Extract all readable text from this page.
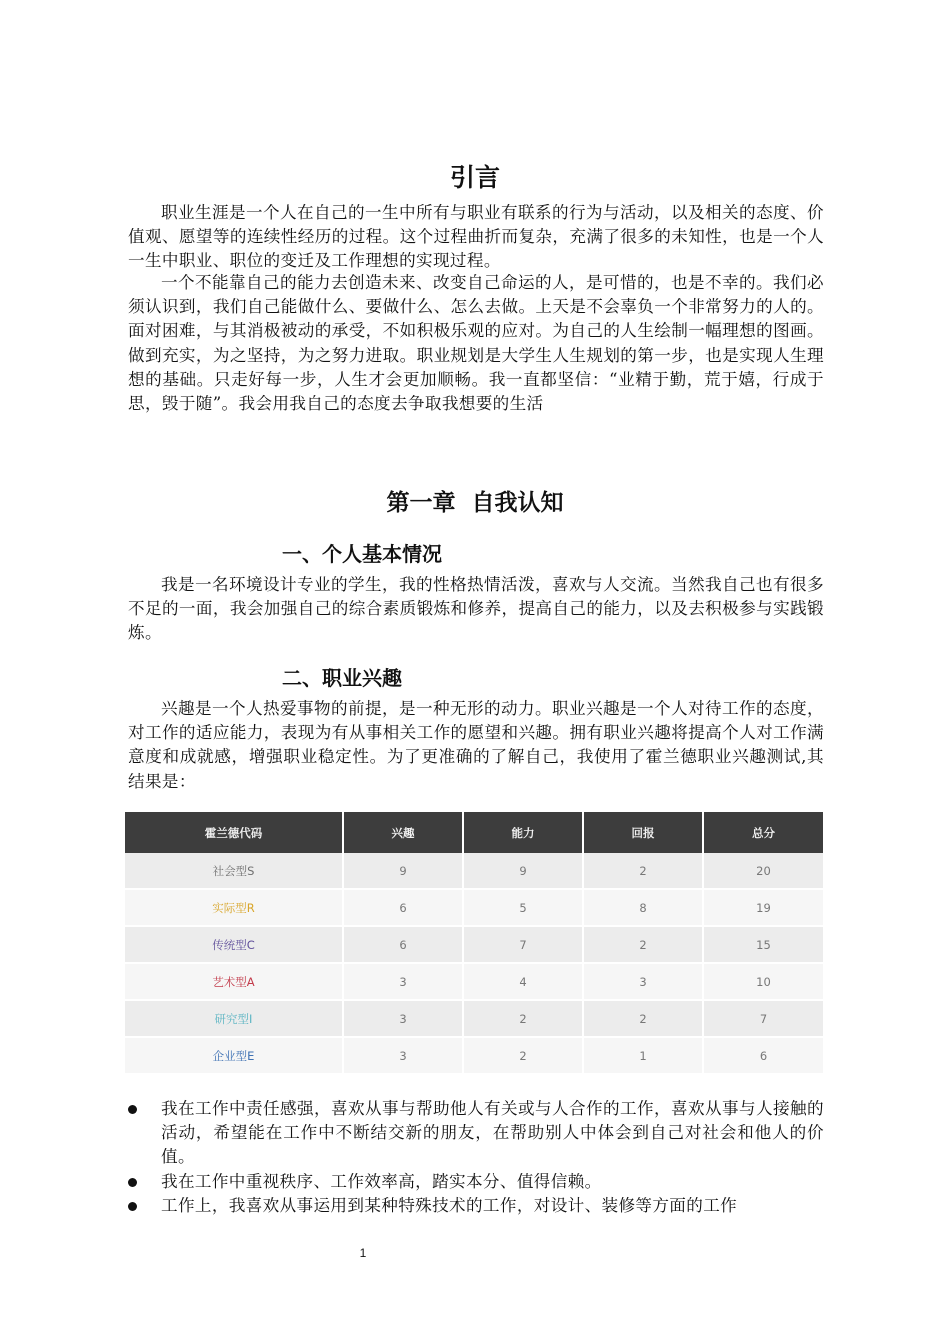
引言
职业生涯是一个人在自己的一生中所有与职业有联系的行为与活动，以及相关的态度、价值观、愿望等的连续性经历的过程。这个过程曲折而复杂，充满了很多的未知性，也是一个人一生中职业、职位的变迁及工作理想的实现过程。
一个不能靠自己的能力去创造未来、改变自己命运的人，是可惜的，也是不幸的。我们必须认识到，我们自己能做什么、要做什么、怎么去做。上天是不会辜负一个非常努力的人的。面对困难，与其消极被动的承受，不如积极乐观的应对。为自己的人生绘制一幅理想的图画。做到充实，为之坚持，为之努力进取。职业规划是大学生人生规划的第一步，也是实现人生理想的基础。只走好每一步，人生才会更加顺畅。我一直都坚信：“业精于勤，荒于嬉，行成于思，毁于随”。我会用我自己的态度去争取我想要的生活
第一章  自我认知
一、个人基本情况
我是一名环境设计专业的学生，我的性格热情活泼，喜欢与人交流。当然我自己也有很多不足的一面，我会加强自己的综合素质锻炼和修养，提高自己的能力，以及去积极参与实践锻炼。
二、职业兴趣
兴趣是一个人热爱事物的前提，是一种无形的动力。职业兴趣是一个人对待工作的态度，对工作的适应能力，表现为有从事相关工作的愿望和兴趣。拥有职业兴趣将提高个人对工作满意度和成就感，增强职业稳定性。为了更准确的了解自己，我使用了霍兰德职业兴趣测试,其结果是：
霍兰德代码	兴趣	能力	回报	总分
社会型S	9	9	2	20
实际型R	6	5	8	19
传统型C	6	7	2	15
艺术型A	3	4	3	10
研究型I	3	2	2	7
企业型E	3	2	1	6
我在工作中责任感强，喜欢从事与帮助他人有关或与人合作的工作，喜欢从事与人接触的活动，希望能在工作中不断结交新的朋友，在帮助别人中体会到自己对社会和他人的价值。
我在工作中重视秩序、工作效率高，踏实本分、值得信赖。
工作上，我喜欢从事运用到某种特殊技术的工作，对设计、装修等方面的工作
1
